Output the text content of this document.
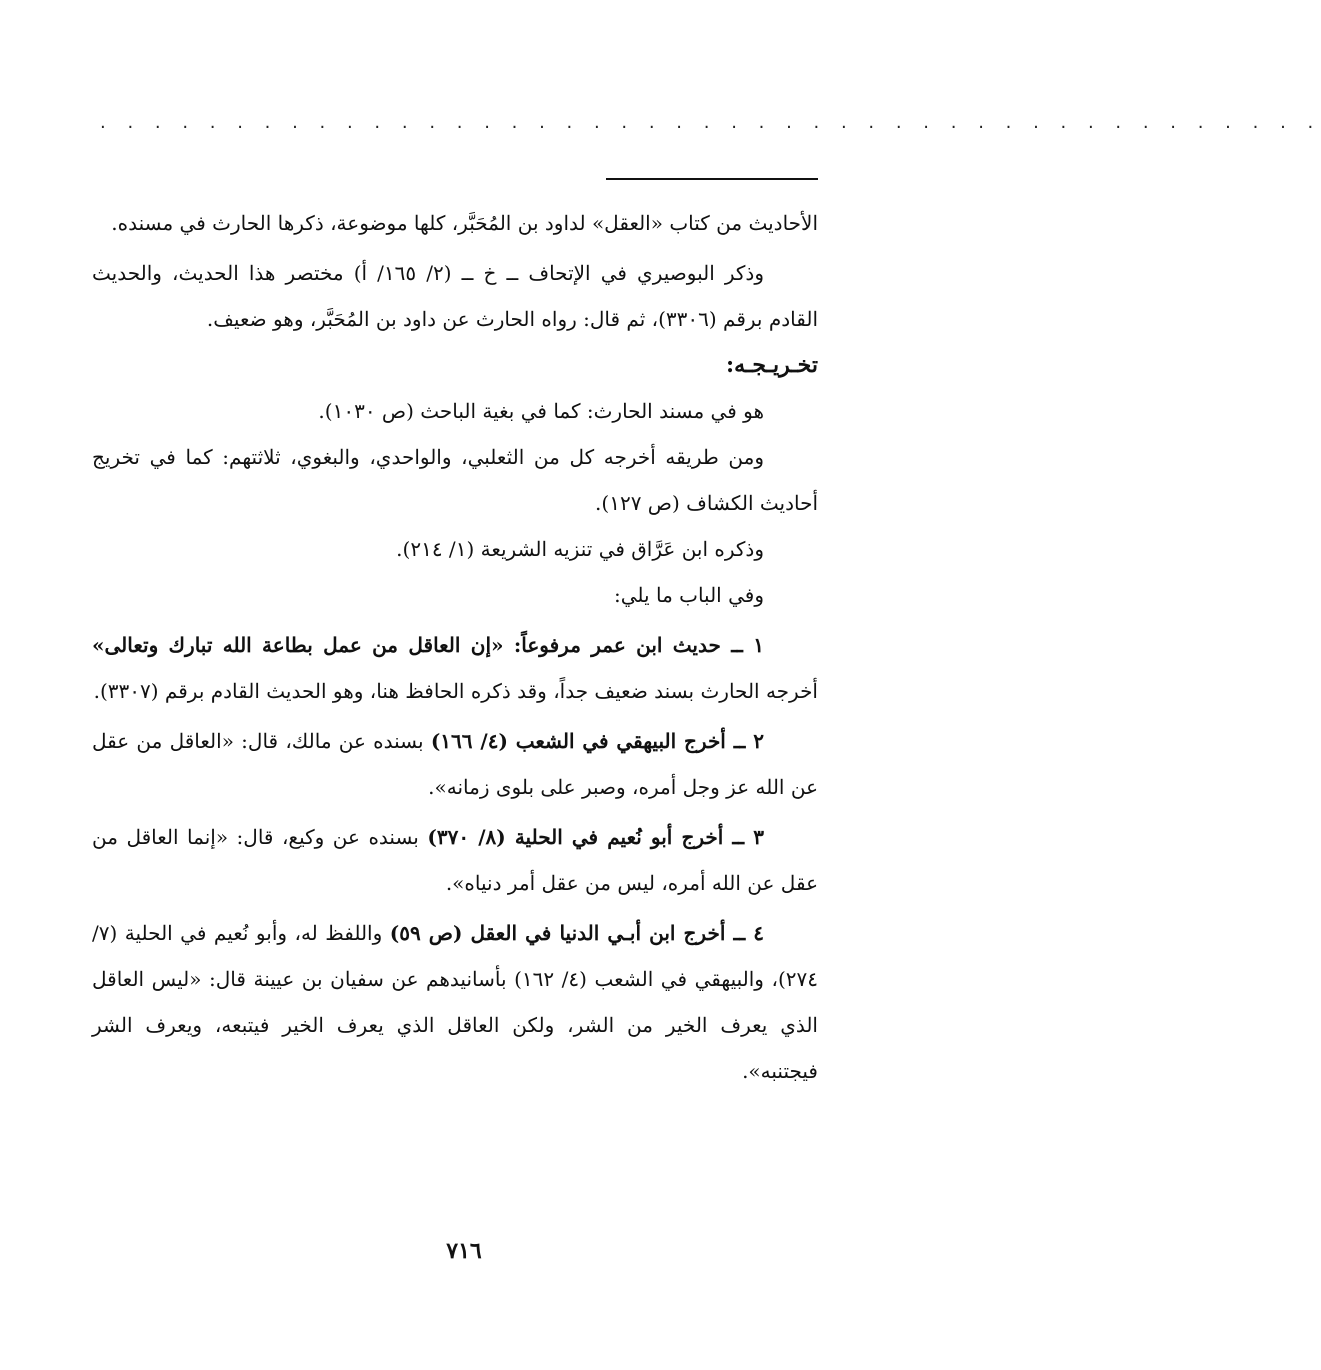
. . . . . . . . . . . . . . . . . . . . . . . . . . . . . . . . . . . . . . . . . . . . .

الأحاديث من كتاب «العقل» لداود بن المُحَبَّر، كلها موضوعة، ذكرها الحارث في مسنده.

وذكر البوصيري في الإتحاف ــ خ ــ (٢/ ١٦٥/ أ) مختصر هذا الحديث، والحديث القادم برقم (٣٣٠٦)، ثم قال: رواه الحارث عن داود بن المُحَبَّر، وهو ضعيف.

تخـريـجـه:

هو في مسند الحارث: كما في بغية الباحث (ص ١٠٣٠).

ومن طريقه أخرجه كل من الثعلبي، والواحدي، والبغوي، ثلاثتهم: كما في تخريج أحاديث الكشاف (ص ١٢٧).

وذكره ابن عَرَّاق في تنزيه الشريعة (١/ ٢١٤).

وفي الباب ما يلي:

١ ــ حديث ابن عمر مرفوعاً: «إن العاقل من عمل بطاعة الله تبارك وتعالى» أخرجه الحارث بسند ضعيف جداً، وقد ذكره الحافظ هنا، وهو الحديث القادم برقم (٣٣٠٧).

٢ ــ أخرج البيهقي في الشعب (٤/ ١٦٦) بسنده عن مالك، قال: «العاقل من عقل عن الله عز وجل أمره، وصبر على بلوى زمانه».

٣ ــ أخرج أبو نُعيم في الحلية (٨/ ٣٧٠) بسنده عن وكيع، قال: «إنما العاقل من عقل عن الله أمره، ليس من عقل أمر دنياه».

٤ ــ أخرج ابن أبـي الدنيا في العقل (ص ٥٩) واللفظ له، وأبو نُعيم في الحلية (٧/ ٢٧٤)، والبيهقي في الشعب (٤/ ١٦٢) بأسانيدهم عن سفيان بن عيينة قال: «ليس العاقل الذي يعرف الخير من الشر، ولكن العاقل الذي يعرف الخير فيتبعه، ويعرف الشر فيجتنبه».

٧١٦
